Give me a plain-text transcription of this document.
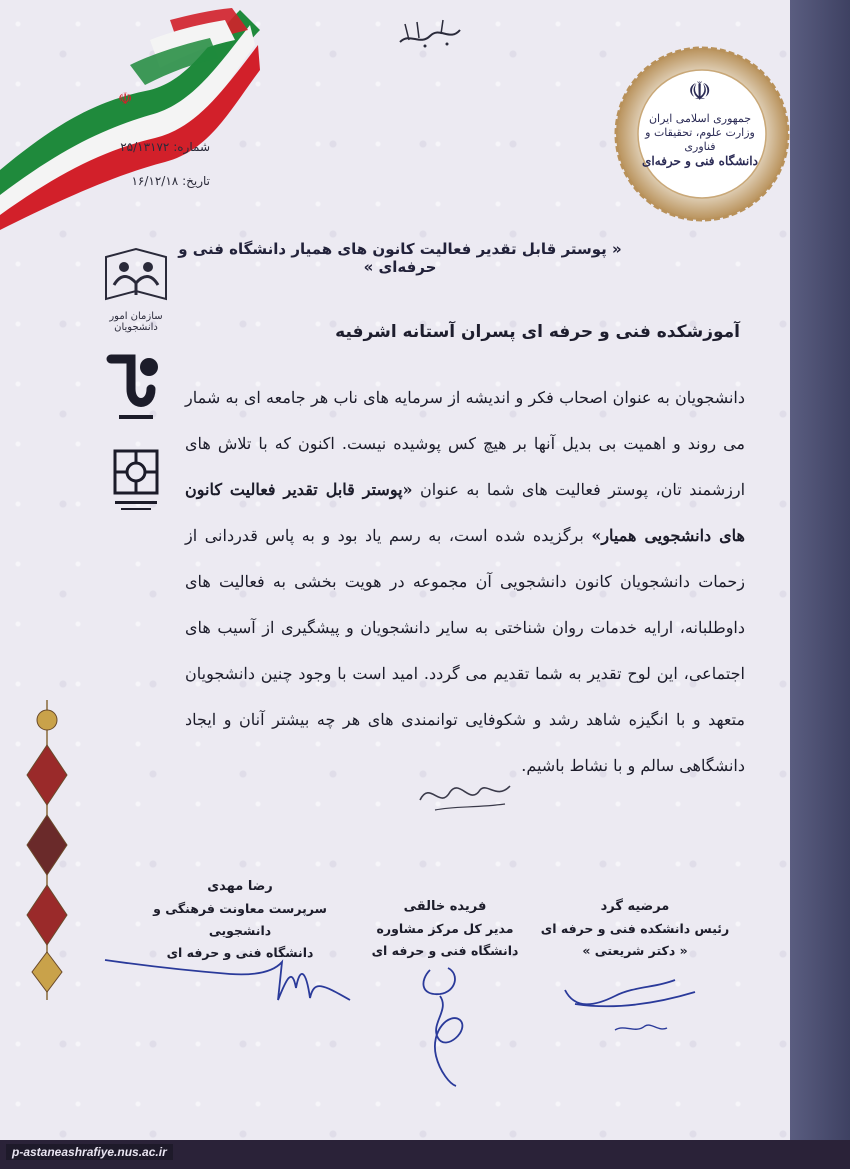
☫	☫
جمهوری اسلامی ایران
وزارت علوم، تحقیقات و فناوری
دانشگاه فنی و حرفه‌ای
شماره: ۲۵/۱۳۱۷۲
تاریخ: ۱۶/۱۲/۱۸
« پوستر قابل تقدیر فعالیت کانون های همیار دانشگاه فنی و حرفه‌ای »
سازمان امور دانشجویان	آموزشکده فنی و حرفه ای پسران آستانه اشرفیه
دانشجویان به عنوان اصحاب فکر و اندیشه از سرمایه های ناب هر جامعه ای به شمار می روند و اهمیت بی بدیل آنها بر هیچ کس پوشیده نیست. اکنون که با تلاش های ارزشمند تان، پوستر فعالیت های شما به عنوان «پوستر قابل تقدیر فعالیت کانون های دانشجویی همیار» برگزیده شده است، به رسم یاد بود و به پاس قدردانی از زحمات دانشجویان کانون دانشجویی آن مجموعه در هویت بخشی به فعالیت های داوطلبانه، ارایه خدمات روان شناختی به سایر دانشجویان و پیشگیری از آسیب های اجتماعی، این لوح تقدیر به شما تقدیم می گردد. امید است با وجود چنین دانشجویان متعهد و با انگیزه شاهد رشد و شکوفایی توانمندی های هر چه بیشتر آنان و ایجاد دانشگاهی سالم و با نشاط باشیم.
مرضیه گرد
رئیس دانشکده فنی و حرفه ای
« دکتر شریعتی »
فریده خالقی
مدیر کل مرکز مشاوره
دانشگاه فنی و حرفه ای
رضا مهدی
سرپرست معاونت فرهنگی و دانشجویی
دانشگاه فنی و حرفه ای
p-astaneashrafiye.nus.ac.ir
